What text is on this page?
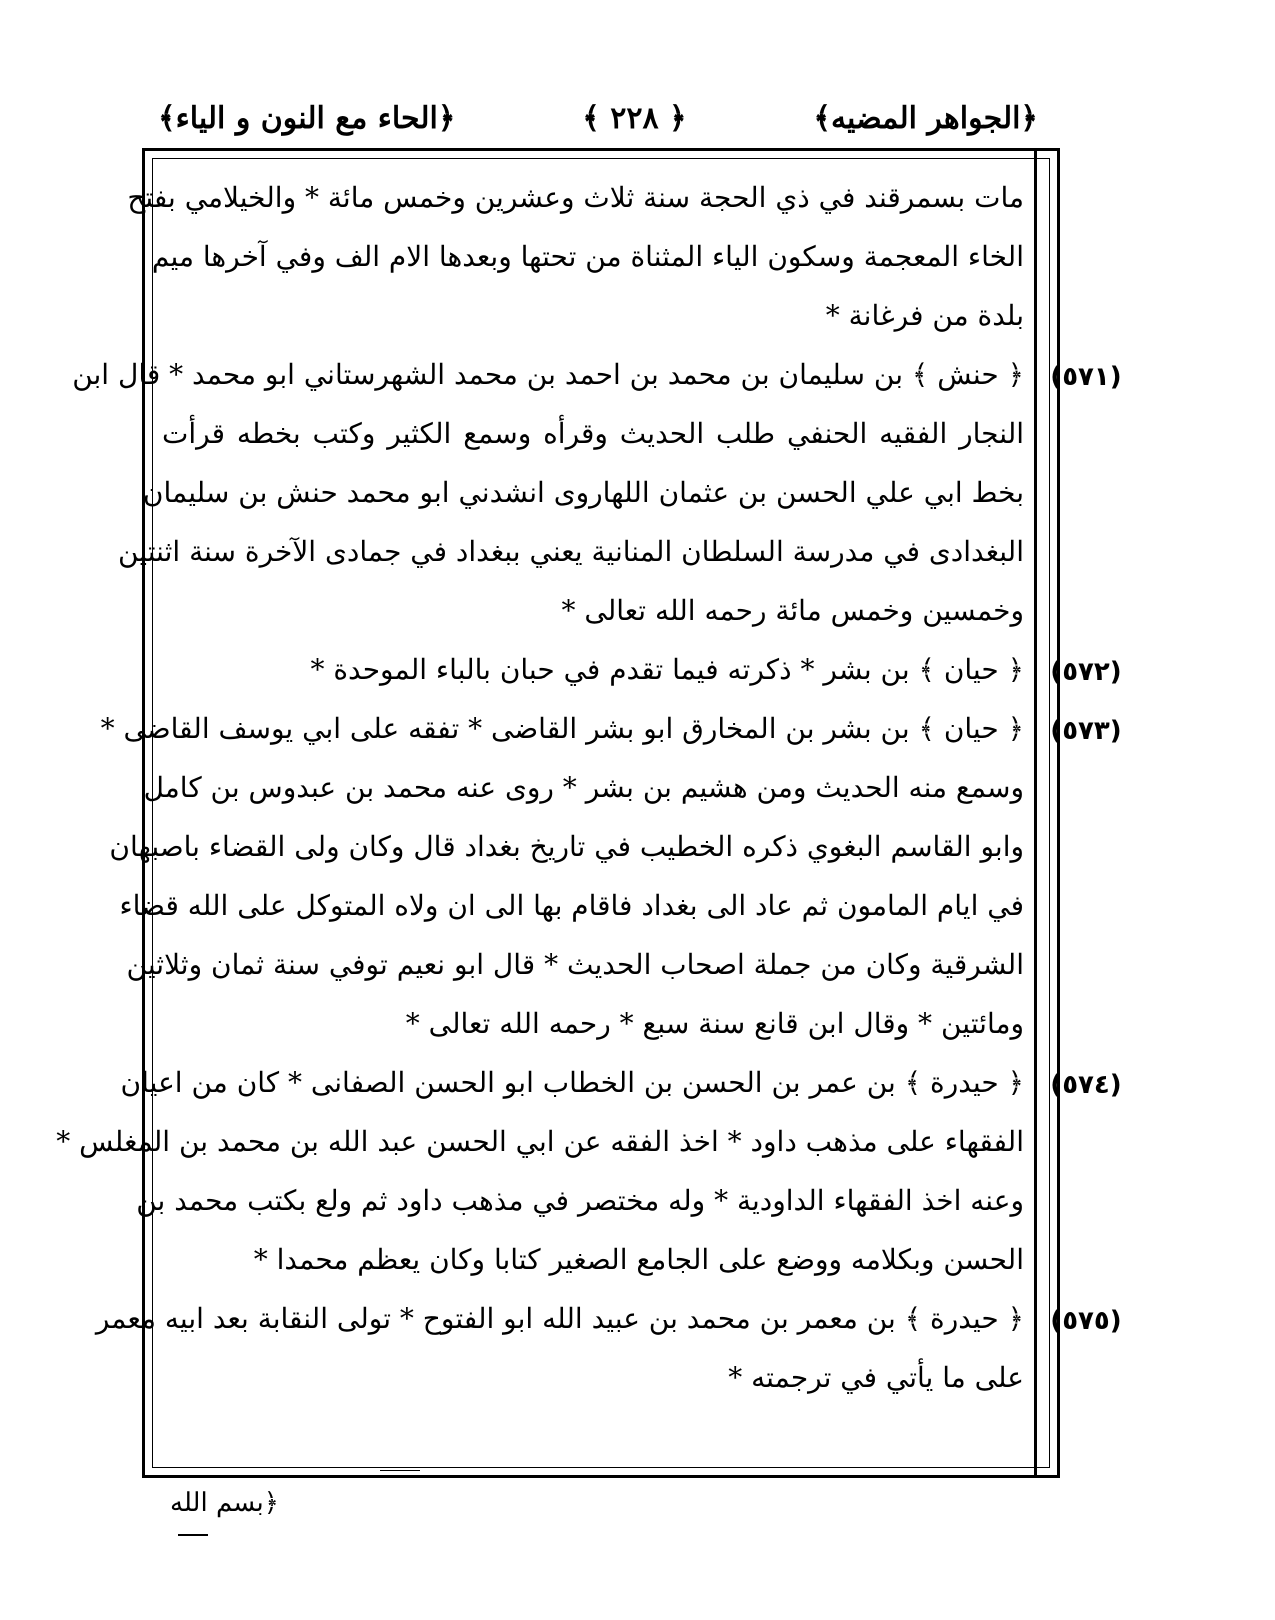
﴿الجواهر المضيه﴾
﴿ ٢٢٨ ﴾
﴿الحاء مع النون و الياء﴾
مات بسمرقند في ذي الحجة سنة ثلاث وعشرين وخمس مائة * والخيلامي بفتح
الخاء المعجمة وسكون الياء المثناة من تحتها وبعدها الام الف وفي آخرها ميم
بلدة من فرغانة *
﴿ حنش ﴾ بن سليمان بن محمد بن احمد بن محمد الشهرستاني ابو محمد * قال ابن
النجار الفقيه الحنفي طلب الحديث وقرأه وسمع الكثير وكتب بخطه قرأت
بخط ابي علي الحسن بن عثمان اللهاروى انشدني ابو محمد حنش بن سليمان
البغدادى في مدرسة السلطان المنانية يعني ببغداد في جمادى الآخرة سنة اثنتين
وخمسين وخمس مائة رحمه الله تعالى *
﴿ حيان ﴾ بن بشر * ذكرته فيما تقدم في حبان بالباء الموحدة *
﴿ حيان ﴾ بن بشر بن المخارق ابو بشر القاضى * تفقه على ابي يوسف القاضى *
وسمع منه الحديث ومن هشيم بن بشر * روى عنه محمد بن عبدوس بن كامل
وابو القاسم البغوي ذكره الخطيب في تاريخ بغداد قال وكان ولى القضاء باصبهان
في ايام المامون ثم عاد الى بغداد فاقام بها الى ان ولاه المتوكل على الله قضاء
الشرقية وكان من جملة اصحاب الحديث * قال ابو نعيم توفي سنة ثمان وثلاثين
ومائتين * وقال ابن قانع سنة سبع * رحمه الله تعالى *
﴿ حيدرة ﴾ بن عمر بن الحسن بن الخطاب ابو الحسن الصفانى * كان من اعيان
الفقهاء على مذهب داود * اخذ الفقه عن ابي الحسن عبد الله بن محمد بن المغلس *
وعنه اخذ الفقهاء الداودية * وله مختصر في مذهب داود ثم ولع بكتب محمد بن
الحسن وبكلامه ووضع على الجامع الصغير كتابا وكان يعظم محمدا *
﴿ حيدرة ﴾ بن معمر بن محمد بن عبيد الله ابو الفتوح * تولى النقابة بعد ابيه معمر
على ما يأتي في ترجمته *
(٥٧١)
(٥٧٢)
(٥٧٣)
(٥٧٤)
(٥٧٥)
﴿بسم الله
